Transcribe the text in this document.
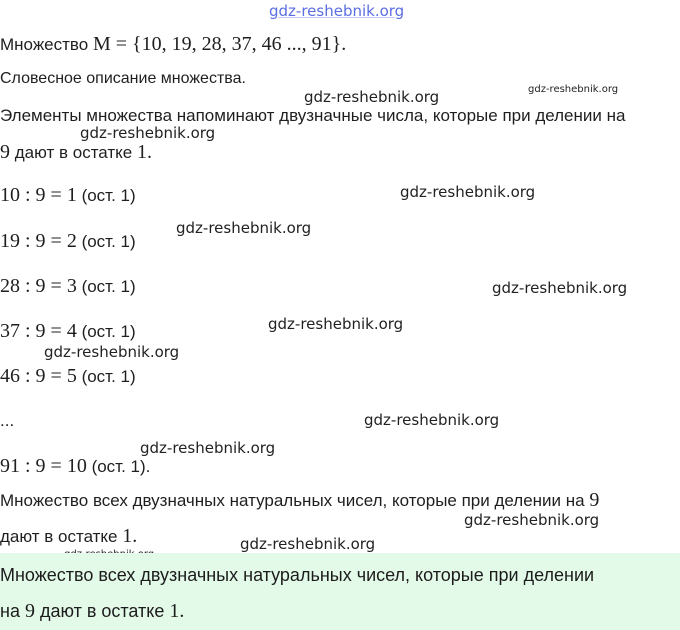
gdz-reshebnik.org

Множество M = {10, 19, 28, 37, 46 ..., 91}.

Словесное описание множества.

gdz-reshebnik.org
gdz-reshebnik.org

Элементы множества напоминают двузначные числа, которые при делении на

gdz-reshebnik.org

9 дают в остатке 1.

10 : 9 = 1 (ост. 1)	gdz-reshebnik.org
gdz-reshebnik.org

19 : 9 = 2 (ост. 1)

28 : 9 = 3 (ост. 1)	gdz-reshebnik.org
gdz-reshebnik.org

37 : 9 = 4 (ост. 1)

gdz-reshebnik.org

46 : 9 = 5 (ост. 1)

...	gdz-reshebnik.org
gdz-reshebnik.org

91 : 9 = 10 (ост. 1).

Множество всех двузначных натуральных чисел, которые при делении на 9

gdz-reshebnik.org

дают в остатке 1.	gdz-reshebnik.org

Множество всех двузначных натуральных чисел, которые при делении

на 9 дают в остатке 1.
